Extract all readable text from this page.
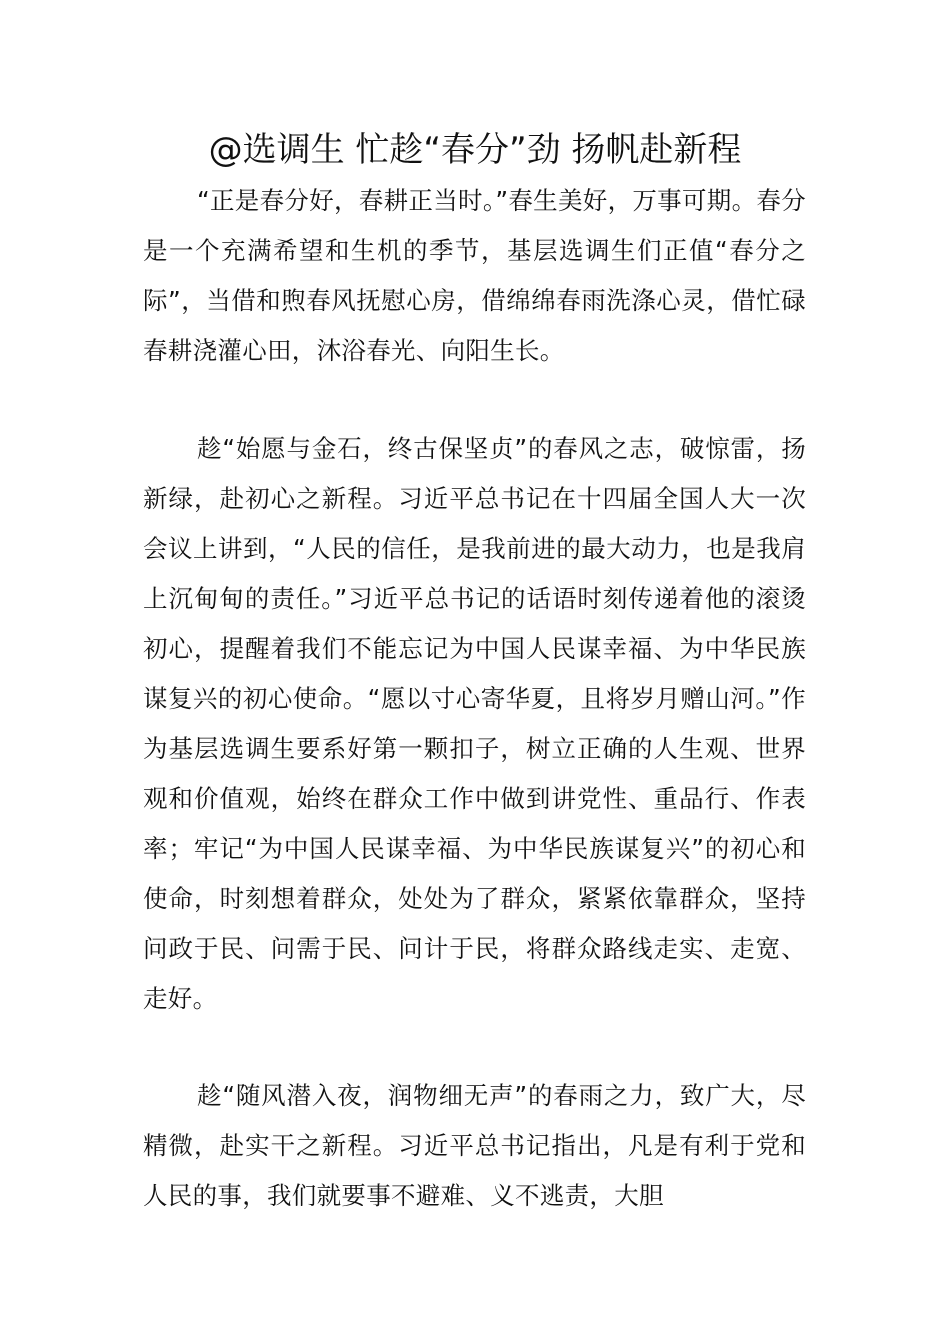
@选调生 忙趁“春分”劲 扬帆赴新程

“正是春分好，春耕正当时。”春生美好，万事可期。春分是一个充满希望和生机的季节，基层选调生们正值“春分之际”，当借和煦春风抚慰心房，借绵绵春雨洗涤心灵，借忙碌春耕浇灌心田，沐浴春光、向阳生长。

趁“始愿与金石，终古保坚贞”的春风之志，破惊雷，扬新绿，赴初心之新程。习近平总书记在十四届全国人大一次会议上讲到，“人民的信任，是我前进的最大动力，也是我肩上沉甸甸的责任。”习近平总书记的话语时刻传递着他的滚烫初心，提醒着我们不能忘记为中国人民谋幸福、为中华民族谋复兴的初心使命。“愿以寸心寄华夏，且将岁月赠山河。”作为基层选调生要系好第一颗扣子，树立正确的人生观、世界观和价值观，始终在群众工作中做到讲党性、重品行、作表率；牢记“为中国人民谋幸福、为中华民族谋复兴”的初心和使命，时刻想着群众，处处为了群众，紧紧依靠群众，坚持问政于民、问需于民、问计于民，将群众路线走实、走宽、走好。

趁“随风潜入夜，润物细无声”的春雨之力，致广大，尽精微，赴实干之新程。习近平总书记指出，凡是有利于党和人民的事，我们就要事不避难、义不逃责，大胆
